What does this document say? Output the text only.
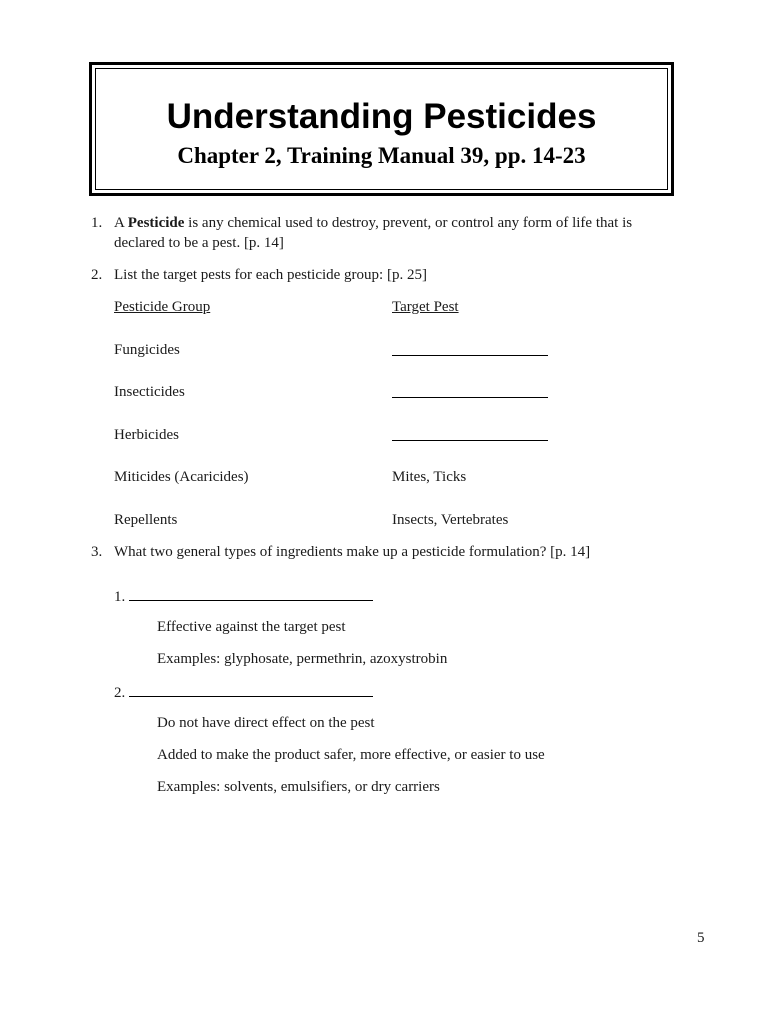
Understanding Pesticides
Chapter 2, Training Manual 39, pp. 14-23
1. A Pesticide is any chemical used to destroy, prevent, or control any form of life that is
declared to be a pest. [p. 14]
2. List the target pests for each pesticide group: [p. 25]
Pesticide Group	Target Pest
Fungicides
Insecticides
Herbicides
Miticides (Acaricides)	Mites, Ticks
Repellents	Insects, Vertebrates
3. What two general types of ingredients make up a pesticide formulation? [p. 14]
1.
Effective against the target pest
Examples: glyphosate, permethrin, azoxystrobin
2.
Do not have direct effect on the pest
Added to make the product safer, more effective, or easier to use
Examples: solvents, emulsifiers, or dry carriers
5
